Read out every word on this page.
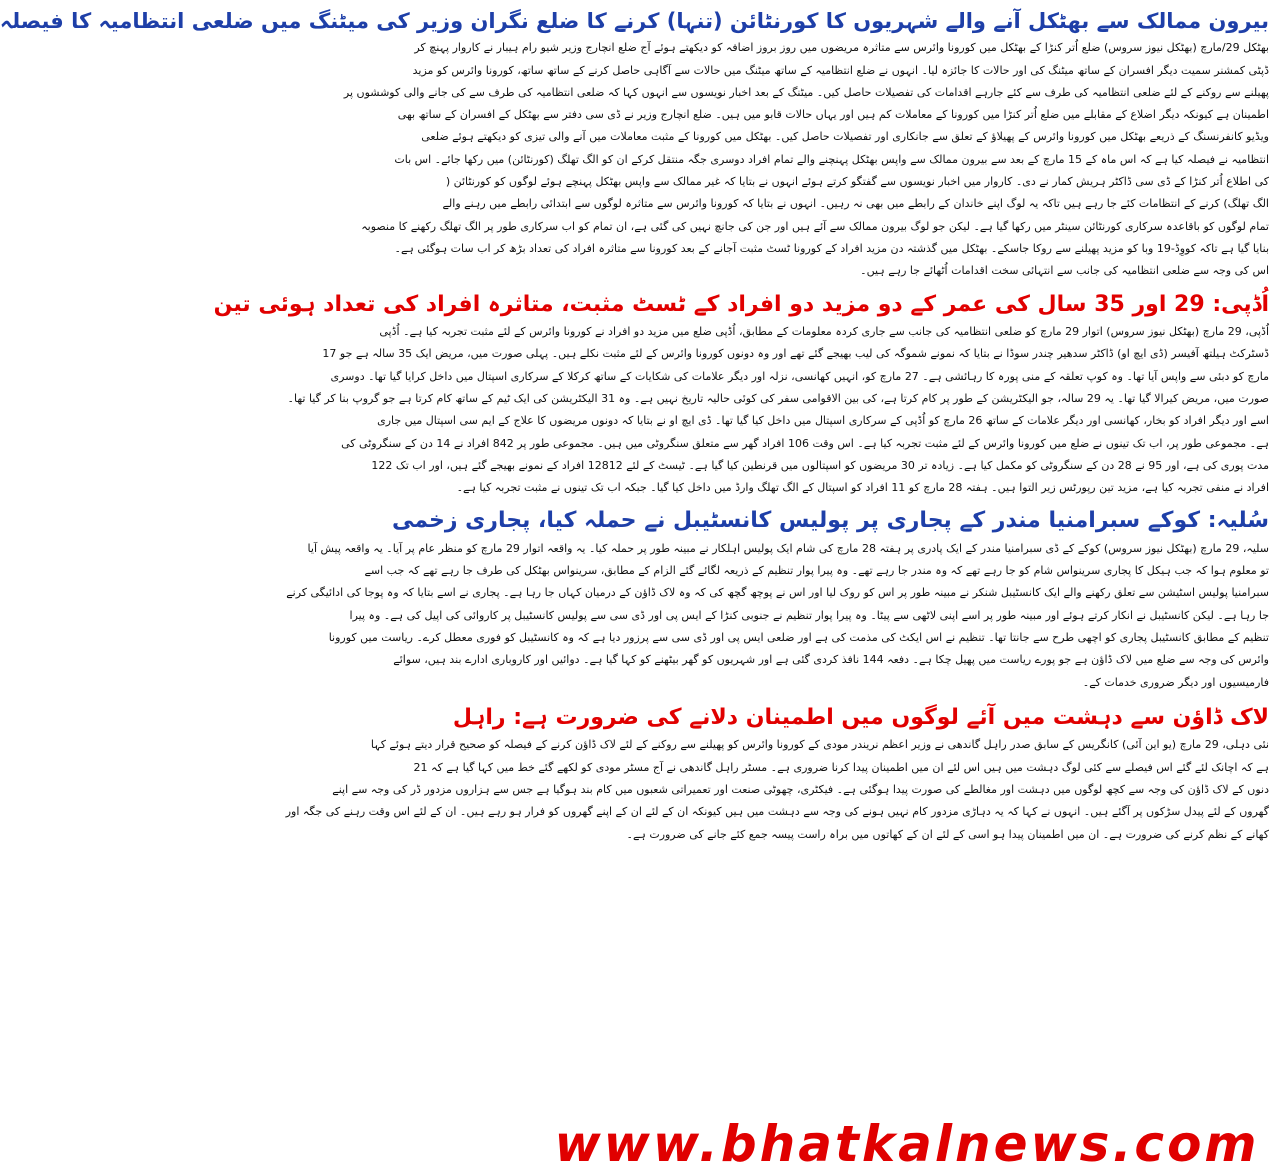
بیرون ممالک سے بھٹکل آنے والے شہریوں کا کورنٹائن (تنہا) کرنے کا ضلع نگران وزیر کی میٹنگ میں ضلعی انتظامیہ کا فیصلہ
بھٹکل 29/مارچ (بھٹکل نیوز سروس) ضلع اُتر کنڑا کے بھٹکل میں کورونا وائرس سے متاثرہ مریضوں میں روز بروز اضافہ کو دیکھتے ہوئے آج ضلع انچارج وزیر شیو رام ہیبار نے کاروار پہنچ کر
ڈپٹی کمشنر سمیت دیگر افسران کے ساتھ میٹنگ کی اور حالات کا جائزہ لیا۔ انہوں نے ضلع انتظامیہ کے ساتھ میٹنگ میں حالات سے آگاہی حاصل کرنے کے ساتھ ساتھ، کورونا وائرس کو مزید
پھیلنے سے روکنے کے لئے ضلعی انتظامیہ کی طرف سے کئے جارہے اقدامات کی تفصیلات حاصل کیں۔ میٹنگ کے بعد اخبار نویسوں سے انہوں کہا کہ ضلعی انتظامیہ کی طرف سے کی جانے والی کوششوں پر
اطمینان ہے کیونکہ دیگر اضلاع کے مقابلے میں ضلع اُتر کنڑا میں کورونا کے معاملات کم ہیں اور یہاں حالات قابو میں ہیں۔ ضلع انچارج وزیر نے ڈی سی دفتر سے بھٹکل کے افسران کے ساتھ بھی
ویڈیو کانفرنسنگ کے ذریعے بھٹکل میں کورونا وائرس کے پھیلاؤ کے تعلق سے جانکاری اور تفصیلات حاصل کیں۔ بھٹکل میں کورونا کے مثبت معاملات میں آنے والی تیزی کو دیکھتے ہوئے ضلعی
انتظامیہ نے فیصلہ کیا ہے کہ اس ماہ کے 15 مارچ کے بعد سے بیرون ممالک سے واپس بھٹکل پہنچنے والے تمام افراد دوسری جگہ منتقل کرکے ان کو الگ تھلگ (کورنٹائن) میں رکھا جائے۔ اس بات
کی اطلاع اُتر کنڑا کے ڈی سی ڈاکٹر ہریش کمار نے دی۔ کاروار میں اخبار نویسوں سے گفتگو کرتے ہوئے انہوں نے بتایا کہ غیر ممالک سے واپس بھٹکل پہنچے ہوئے لوگوں کو کورنٹائن (
الگ تھلگ) کرنے کے انتظامات کئے جا رہے ہیں تاکہ یہ لوگ اپنے خاندان کے رابطے میں بھی نہ رہیں۔ انہوں نے بتایا کہ کورونا وائرس سے متاثرہ لوگوں سے ابتدائی رابطے میں رہنے والے
تمام لوگوں کو باقاعدہ سرکاری کورنٹائن سینٹر میں رکھا گیا ہے۔ لیکن جو لوگ بیرون ممالک سے آئے ہیں اور جن کی جانچ نہیں کی گئی ہے، ان تمام کو اب سرکاری طور پر الگ تھلگ رکھنے کا منصوبہ
بنایا گیا ہے تاکہ کووِڈ-19 وبا کو مزید پھیلنے سے روکا جاسکے۔ بھٹکل میں گذشتہ دن مزید افراد کے کورونا ٹسٹ مثبت آجانے کے بعد کورونا سے متاثرہ افراد کی تعداد بڑھ کر اب سات ہوگئی ہے۔
اس کی وجہ سے ضلعی انتظامیہ کی جانب سے انتہائی سخت اقدامات اُٹھائے جا رہے ہیں۔
اُڈپی: 29 اور 35 سال کی عمر کے دو مزید دو افراد کے ٹسٹ مثبت، متاثرہ افراد کی تعداد ہوئی تین
اُڈپی، 29 مارچ (بھٹکل نیوز سروس) اتوار 29 مارچ کو ضلعی انتظامیہ کی جانب سے جاری کردہ معلومات کے مطابق، اُڈپی ضلع میں مزید دو افراد نے کورونا وائرس کے لئے مثبت تجربہ کیا ہے۔ اُڈپی
ڈسٹرکٹ ہیلتھ آفیسر (ڈی ایچ او) ڈاکٹر سدھیر چندر سوڈا نے بتایا کہ نمونے شموگہ کی لیب بھیجے گئے تھے اور وہ دونوں کورونا وائرس کے لئے مثبت نکلے ہیں۔ پہلی صورت میں، مریض ایک 35 سالہ ہے جو 17
مارچ کو دبئی سے واپس آیا تھا۔ وہ کوپ تعلقہ کے منی پورہ کا رہائشی ہے۔ 27 مارچ کو، انہیں کھانسی، نزلہ اور دیگر علامات کی شکایات کے ساتھ کرکلا کے سرکاری اسپتال میں داخل کرایا گیا تھا۔ دوسری
صورت میں، مریض کیرالا گیا تھا۔ یہ 29 سالہ، جو الیکٹریشن کے طور پر کام کرتا ہے، کی بین الاقوامی سفر کی کوئی حالیہ تاریخ نہیں ہے۔ وہ 31 الیکٹریشن کی ایک ٹیم کے ساتھ کام کرتا ہے جو گروپ بنا کر گیا تھا۔
اسے اور دیگر افراد کو بخار، کھانسی اور دیگر علامات کے ساتھ 26 مارچ کو اُڈپی کے سرکاری اسپتال میں داخل کیا گیا تھا۔ ڈی ایچ او نے بتایا کہ دونوں مریضوں کا علاج کے ایم سی اسپتال میں جاری
ہے۔ مجموعی طور پر، اب تک تینوں نے ضلع میں کورونا وائرس کے لئے مثبت تجربہ کیا ہے۔ اس وقت 106 افراد گھر سے متعلق سنگروٹی میں ہیں۔ مجموعی طور پر 842 افراد نے 14 دن کے سنگروٹی کی
مدت پوری کی ہے، اور 95 نے 28 دن کے سنگروٹی کو مکمل کیا ہے۔ زیادہ تر 30 مریضوں کو اسپتالوں میں قرنطین کیا گیا ہے۔ ٹیسٹ کے لئے 12812 افراد کے نمونے بھیجے گئے ہیں، اور اب تک 122
افراد نے منفی تجربہ کیا ہے، مزید تین رپورٹس زیر التوا ہیں۔ ہفتہ 28 مارچ کو 11 افراد کو اسپتال کے الگ تھلگ وارڈ میں داخل کیا گیا۔ جبکہ اب تک تینوں نے مثبت تجربہ کیا ہے۔
سُلیہ: کوکے سبرامنیا مندر کے پجاری پر پولیس کانسٹیبل نے حملہ کیا، پجاری زخمی
سلیہ، 29 مارچ (بھٹکل نیوز سروس) کوکے کے ڈی سبرامنیا مندر کے ایک پادری پر ہفتہ 28 مارچ کی شام ایک پولیس اہلکار نے مبینہ طور پر حملہ کیا۔ یہ واقعہ اتوار 29 مارچ کو منظر عام پر آیا۔ یہ واقعہ پیش آیا
تو معلوم ہوا کہ جب ہیکل کا پجاری سرینواس شام کو جا رہے تھے کہ وہ مندر جا رہے تھے۔ وہ پیرا پوار تنظیم کے ذریعہ لگائے گئے الزام کے مطابق، سرینواس بھٹکل کی طرف جا رہے تھے کہ جب اسے
سبرامنیا پولیس اسٹیشن سے تعلق رکھنے والے ایک کانسٹیبل شنکر نے مبینہ طور پر اس کو روک لیا اور اس نے پوچھ گچھ کی کہ وہ لاک ڈاؤن کے درمیان کہاں جا رہا ہے۔ پجاری نے اسے بتایا کہ وہ پوجا کی ادائیگی کرنے
جا رہا ہے۔ لیکن کانسٹیبل نے انکار کرتے ہوئے اور مبینہ طور پر اسے اپنی لاٹھی سے پیٹا۔ وہ پیرا پوار تنظیم نے جنوبی کنڑا کے ایس پی اور ڈی سی سے پولیس کانسٹیبل پر کاروائی کی اپیل کی ہے۔ وہ پیرا
تنظیم کے مطابق کانسٹیبل پجاری کو اچھی طرح سے جانتا تھا۔ تنظیم نے اس ایکٹ کی مذمت کی ہے اور ضلعی ایس پی اور ڈی سی سے پرزور دیا ہے کہ وہ کانسٹیبل کو فوری معطل کرے۔ ریاست میں کورونا
وائرس کی وجہ سے ضلع میں لاک ڈاؤن ہے جو پورے ریاست میں پھیل چکا ہے۔ دفعہ 144 نافذ کردی گئی ہے اور شہریوں کو گھر بیٹھنے کو کہا گیا ہے۔ دوائیں اور کاروباری ادارے بند ہیں، سوائے
فارمیسیوں اور دیگر ضروری خدمات کے۔
لاک ڈاؤن سے دہشت میں آئے لوگوں میں اطمینان دلانے کی ضرورت ہے: راہل
نئی دہلی، 29 مارچ (یو این آئی) کانگریس کے سابق صدر راہل گاندھی نے وزیر اعظم نریندر مودی کے کورونا وائرس کو پھیلنے سے روکنے کے لئے لاک ڈاؤن کرنے کے فیصلہ کو صحیح قرار دیتے ہوئے کہا
ہے کہ اچانک لئے گئے اس فیصلے سے کئی لوگ دہشت میں ہیں اس لئے ان میں اطمینان پیدا کرنا ضروری ہے۔ مسٹر راہل گاندھی نے آج مسٹر مودی کو لکھے گئے خط میں کہا گیا ہے کہ 21
دنوں کے لاک ڈاؤن کی وجہ سے کچھ لوگوں میں دہشت اور مغالطے کی صورت پیدا ہوگئی ہے۔ فیکٹری، چھوٹی صنعت اور تعمیراتی شعبوں میں کام بند ہوگیا ہے جس سے ہزاروں مزدور ڈر کی وجہ سے اپنے
گھروں کے لئے پیدل سڑکوں پر آگئے ہیں۔ انہوں نے کہا کہ یہ دہاڑی مزدور کام نہیں ہونے کی وجہ سے دہشت میں ہیں کیونکہ ان کے لئے ان کے اپنے گھروں کو فرار ہو رہے ہیں۔ ان کے لئے اس وقت رہنے کی جگہ اور
کھانے کے نظم کرنے کی ضرورت ہے۔ ان میں اطمینان پیدا ہو اسی کے لئے ان کے کھاتوں میں براہ راست پیسہ جمع کئے جانے کی ضرورت ہے۔
www.bhatkalnews.com
